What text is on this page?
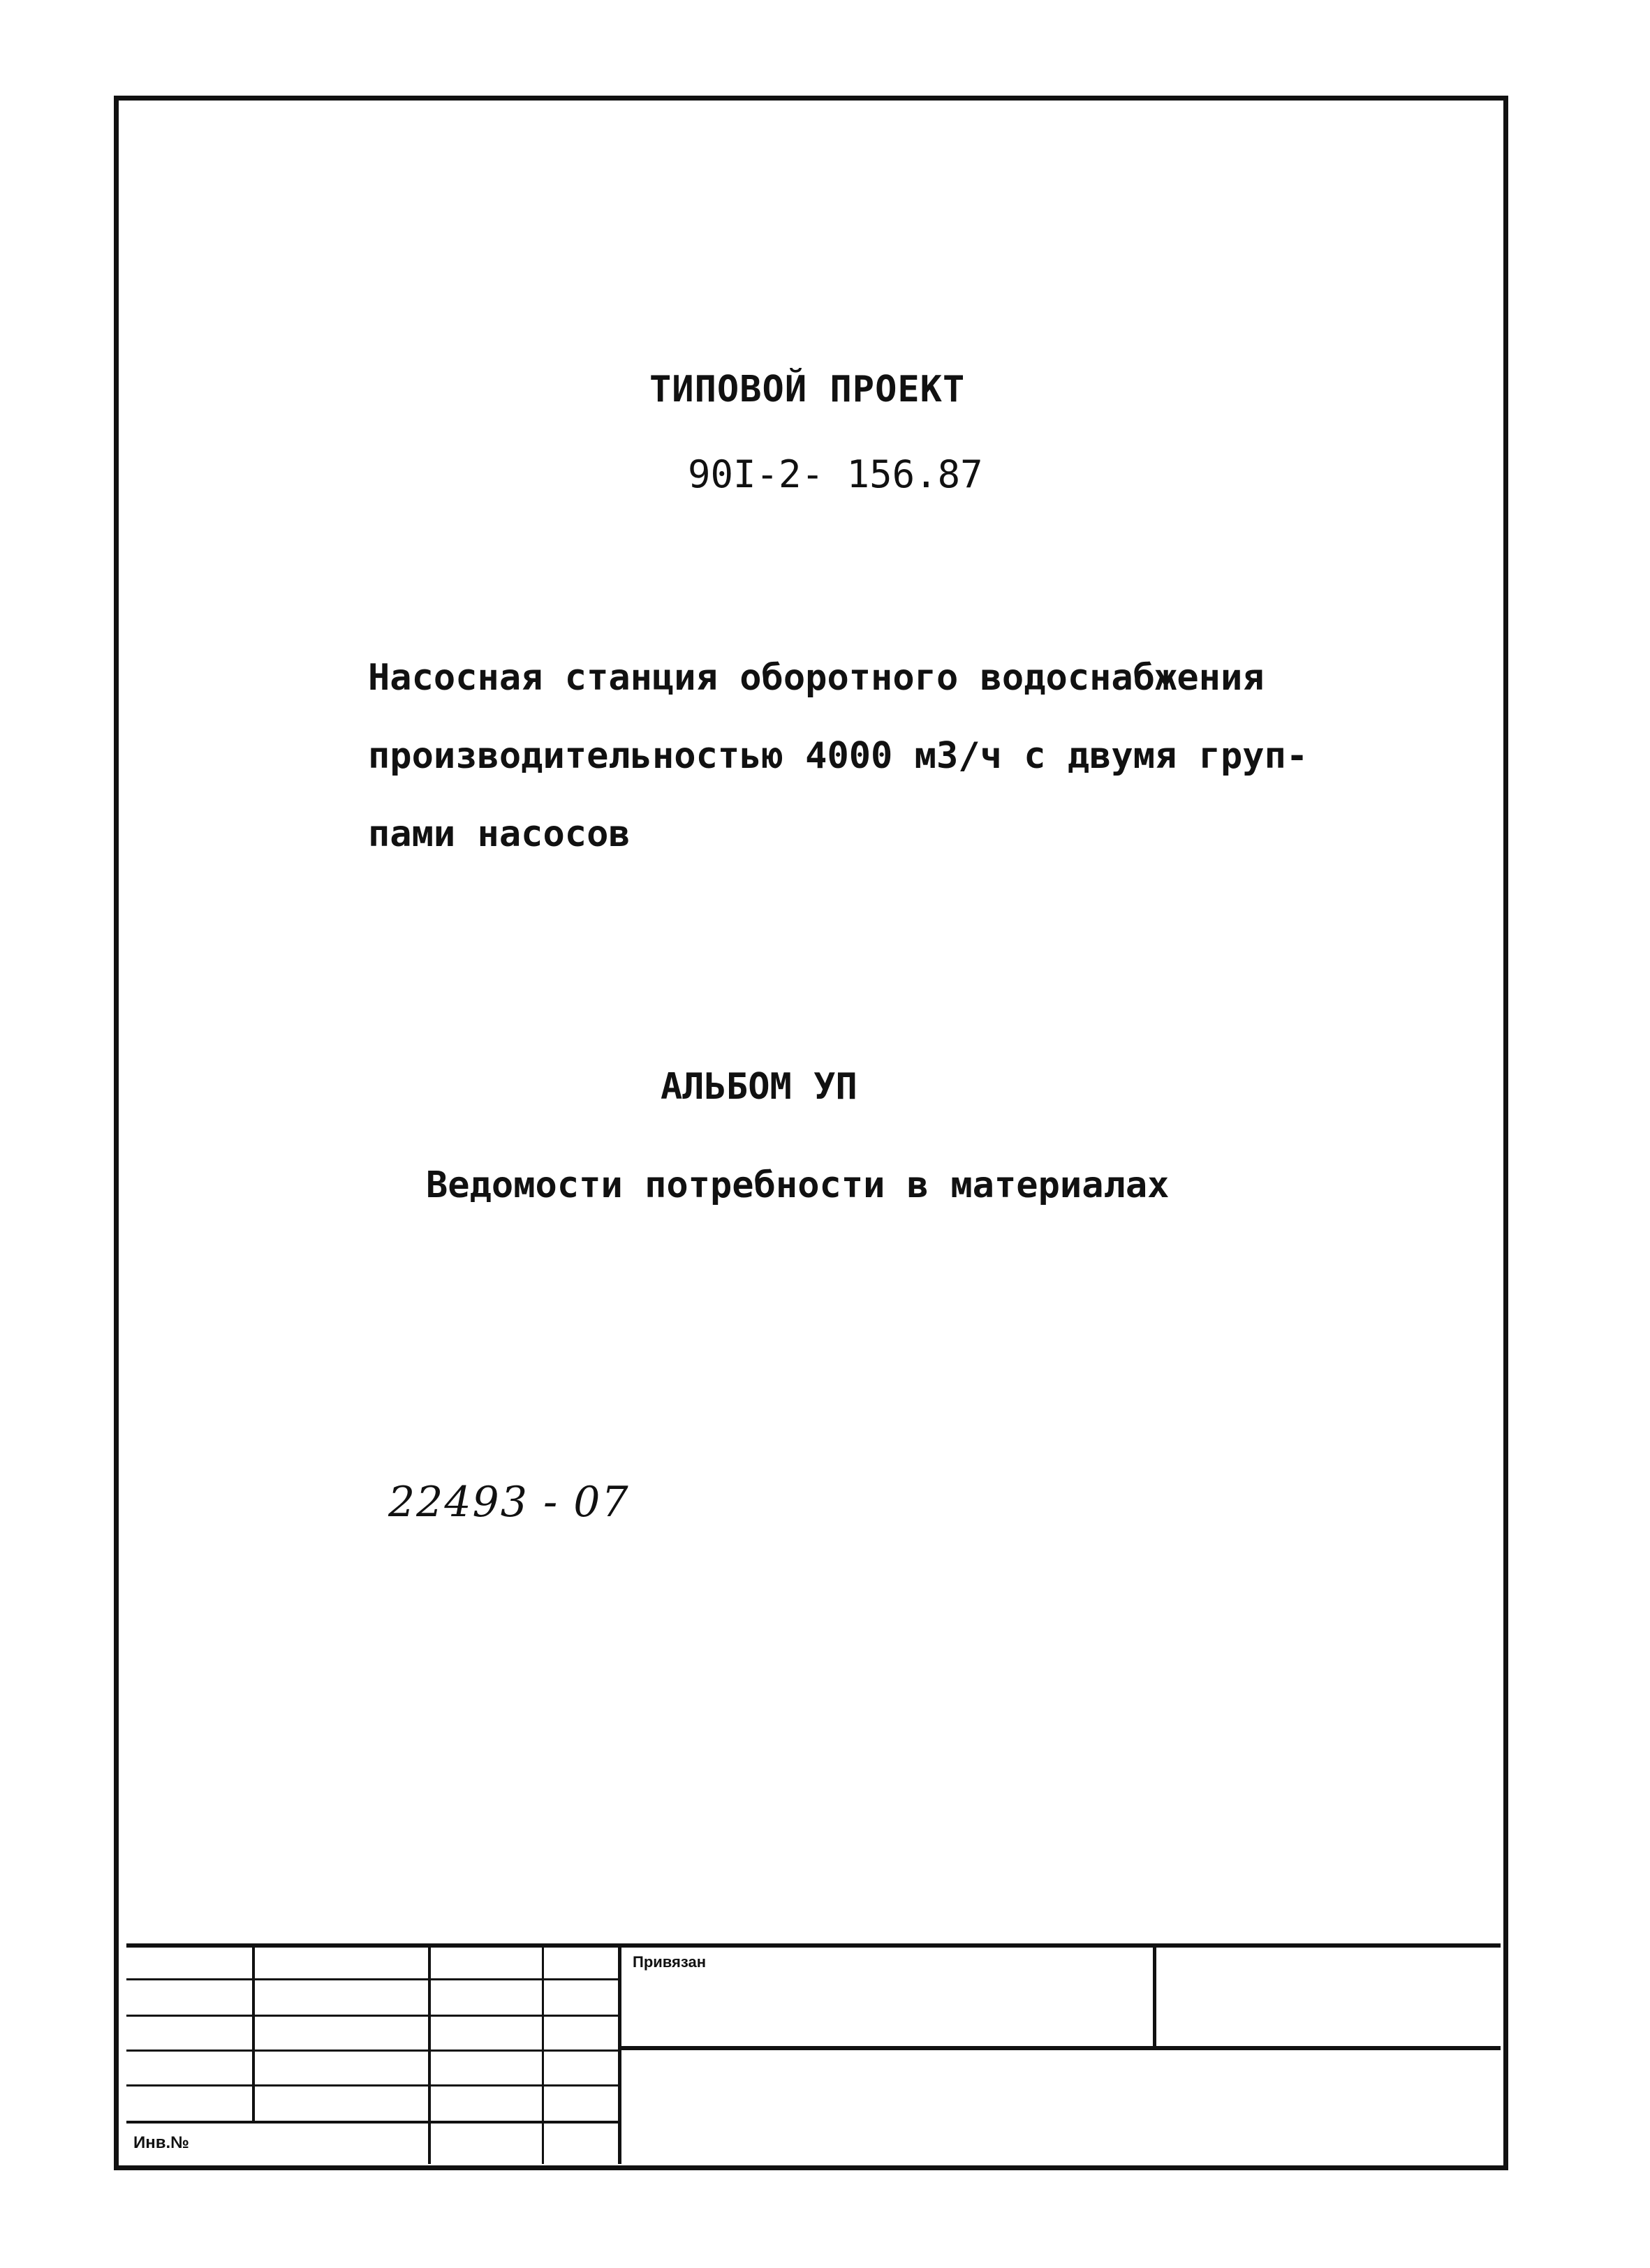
ТИПОВОЙ ПРОЕКТ
90I-2- 156.87
Насосная станция оборотного водоснабжения
производительностью 4000 м3/ч с двумя груп-
пами насосов
АЛЬБОМ УП
Ведомости потребности в материалах
22493 - 07
Привязан
Инв.№
